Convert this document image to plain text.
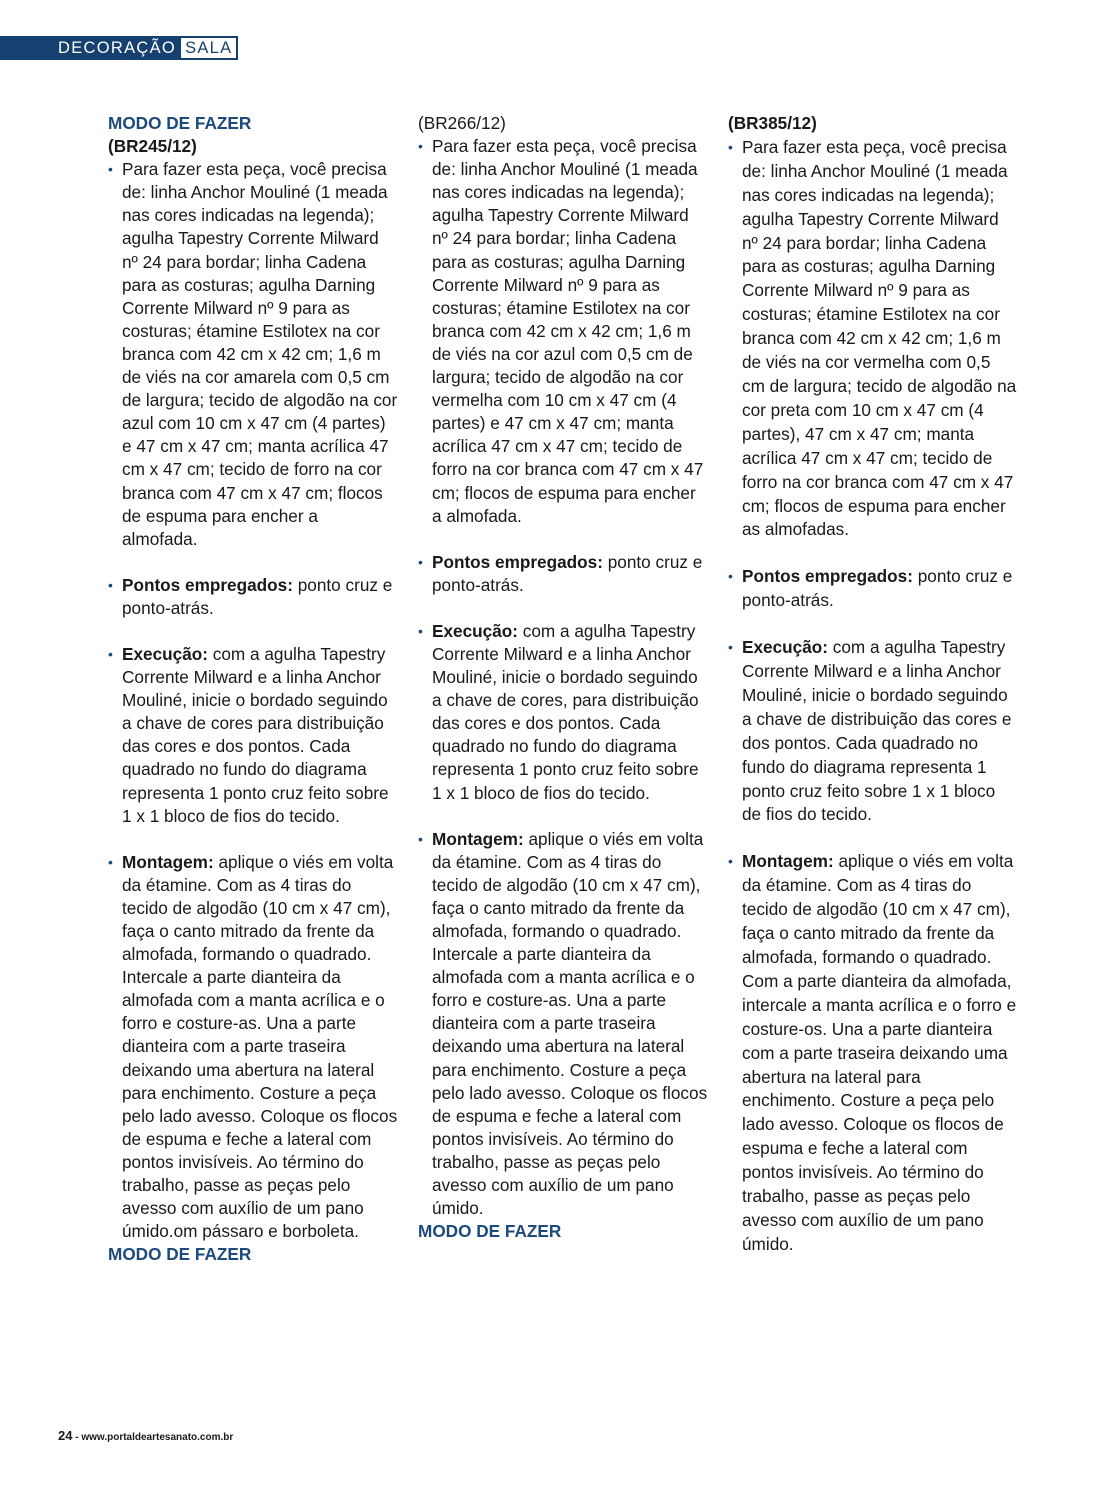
DECORAÇÃO SALA
MODO DE FAZER
(BR245/12)
• Para fazer esta peça, você precisa de: linha Anchor Mouliné (1 meada nas cores indicadas na legenda); agulha Tapestry Corrente Milward nº 24 para bordar; linha Cadena para as costuras; agulha Darning Corrente Milward nº 9 para as costuras; étamine Estilotex na cor branca com 42 cm x 42 cm; 1,6 m de viés na cor amarela com 0,5 cm de largura; tecido de algodão na cor azul com 10 cm x 47 cm (4 partes) e 47 cm x 47 cm; manta acrílica 47 cm x 47 cm; tecido de forro na cor branca com 47 cm x 47 cm; flocos de espuma para encher a almofada.
• Pontos empregados: ponto cruz e ponto-atrás.
• Execução: com a agulha Tapestry Corrente Milward e a linha Anchor Mouliné, inicie o bordado seguindo a chave de cores para distribuição das cores e dos pontos. Cada quadrado no fundo do diagrama representa 1 ponto cruz feito sobre 1 x 1 bloco de fios do tecido.
• Montagem: aplique o viés em volta da étamine. Com as 4 tiras do tecido de algodão (10 cm x 47 cm), faça o canto mitrado da frente da almofada, formando o quadrado. Intercale a parte dianteira da almofada com a manta acrílica e o forro e costure-as. Una a parte dianteira com a parte traseira deixando uma abertura na lateral para enchimento. Costure a peça pelo lado avesso. Coloque os flocos de espuma e feche a lateral com pontos invisíveis. Ao término do trabalho, passe as peças pelo avesso com auxílio de um pano úmido.om pássaro e borboleta.
MODO DE FAZER
(BR266/12)
• Para fazer esta peça, você precisa de: linha Anchor Mouliné (1 meada nas cores indicadas na legenda); agulha Tapestry Corrente Milward nº 24 para bordar; linha Cadena para as costuras; agulha Darning Corrente Milward nº 9 para as costuras; étamine Estilotex na cor branca com 42 cm x 42 cm; 1,6 m de viés na cor azul com 0,5 cm de largura; tecido de algodão na cor vermelha com 10 cm x 47 cm (4 partes) e 47 cm x 47 cm; manta acrílica 47 cm x 47 cm; tecido de forro na cor branca com 47 cm x 47 cm; flocos de espuma para encher a almofada.
• Pontos empregados: ponto cruz e ponto-atrás.
• Execução: com a agulha Tapestry Corrente Milward e a linha Anchor Mouliné, inicie o bordado seguindo a chave de cores, para distribuição das cores e dos pontos. Cada quadrado no fundo do diagrama representa 1 ponto cruz feito sobre 1 x 1 bloco de fios do tecido.
• Montagem: aplique o viés em volta da étamine. Com as 4 tiras do tecido de algodão (10 cm x 47 cm), faça o canto mitrado da frente da almofada, formando o quadrado. Intercale a parte dianteira da almofada com a manta acrílica e o forro e costure-as. Una a parte dianteira com a parte traseira deixando uma abertura na lateral para enchimento. Costure a peça pelo lado avesso. Coloque os flocos de espuma e feche a lateral com pontos invisíveis. Ao término do trabalho, passe as peças pelo avesso com auxílio de um pano úmido.
MODO DE FAZER
(BR385/12)
• Para fazer esta peça, você precisa de: linha Anchor Mouliné (1 meada nas cores indicadas na legenda); agulha Tapestry Corrente Milward nº 24 para bordar; linha Cadena para as costuras; agulha Darning Corrente Milward nº 9 para as costuras; étamine Estilotex na cor branca com 42 cm x 42 cm; 1,6 m de viés na cor vermelha com 0,5 cm de largura; tecido de algodão na cor preta com 10 cm x 47 cm (4 partes), 47 cm x 47 cm; manta acrílica 47 cm x 47 cm; tecido de forro na cor branca com 47 cm x 47 cm; flocos de espuma para encher as almofadas.
• Pontos empregados: ponto cruz e ponto-atrás.
• Execução: com a agulha Tapestry Corrente Milward e a linha Anchor Mouliné, inicie o bordado seguindo a chave de distribuição das cores e dos pontos. Cada quadrado no fundo do diagrama representa 1 ponto cruz feito sobre 1 x 1 bloco de fios do tecido.
• Montagem: aplique o viés em volta da étamine. Com as 4 tiras do tecido de algodão (10 cm x 47 cm), faça o canto mitrado da frente da almofada, formando o quadrado. Com a parte dianteira da almofada, intercale a manta acrílica e o forro e costure-os. Una a parte dianteira com a parte traseira deixando uma abertura na lateral para enchimento. Costure a peça pelo lado avesso. Coloque os flocos de espuma e feche a lateral com pontos invisíveis. Ao término do trabalho, passe as peças pelo avesso com auxílio de um pano úmido.
24 - www.portaldeartesanato.com.br
